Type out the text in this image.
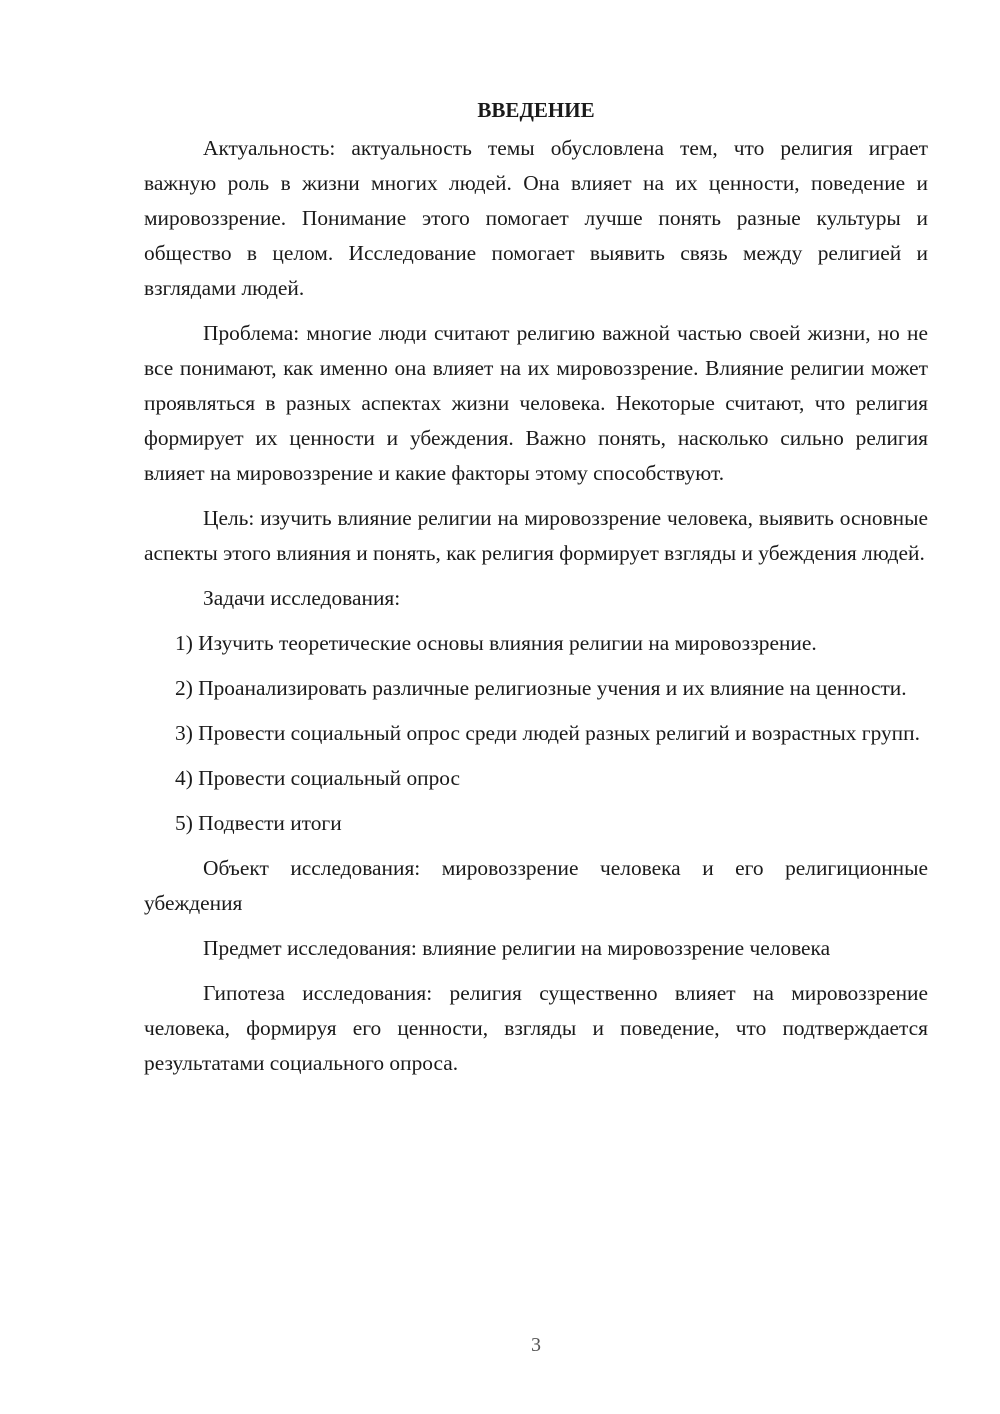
ВВЕДЕНИЕ

Актуальность: актуальность темы обусловлена тем, что религия играет важную роль в жизни многих людей. Она влияет на их ценности, поведение и мировоззрение. Понимание этого помогает лучше понять разные культуры и общество в целом. Исследование помогает выявить связь между религией и взглядами людей.

Проблема: многие люди считают религию важной частью своей жизни, но не все понимают, как именно она влияет на их мировоззрение. Влияние религии может проявляться в разных аспектах жизни человека. Некоторые считают, что религия формирует их ценности и убеждения. Важно понять, насколько сильно религия влияет на мировоззрение и какие факторы этому способствуют.

Цель: изучить влияние религии на мировоззрение человека, выявить основные аспекты этого влияния и понять, как религия формирует взгляды и убеждения людей.

Задачи исследования:

1) Изучить теоретические основы влияния религии на мировоззрение.

2) Проанализировать различные религиозные учения и их влияние на ценности.

3) Провести социальный опрос среди людей разных религий и возрастных групп.

4) Провести социальный опрос

5) Подвести итоги

Объект исследования: мировоззрение человека и его религиционные убеждения

Предмет исследования: влияние религии на мировоззрение человека

Гипотеза исследования: религия существенно влияет на мировоззрение человека, формируя его ценности, взгляды и поведение, что подтверждается результатами социального опроса.

3
